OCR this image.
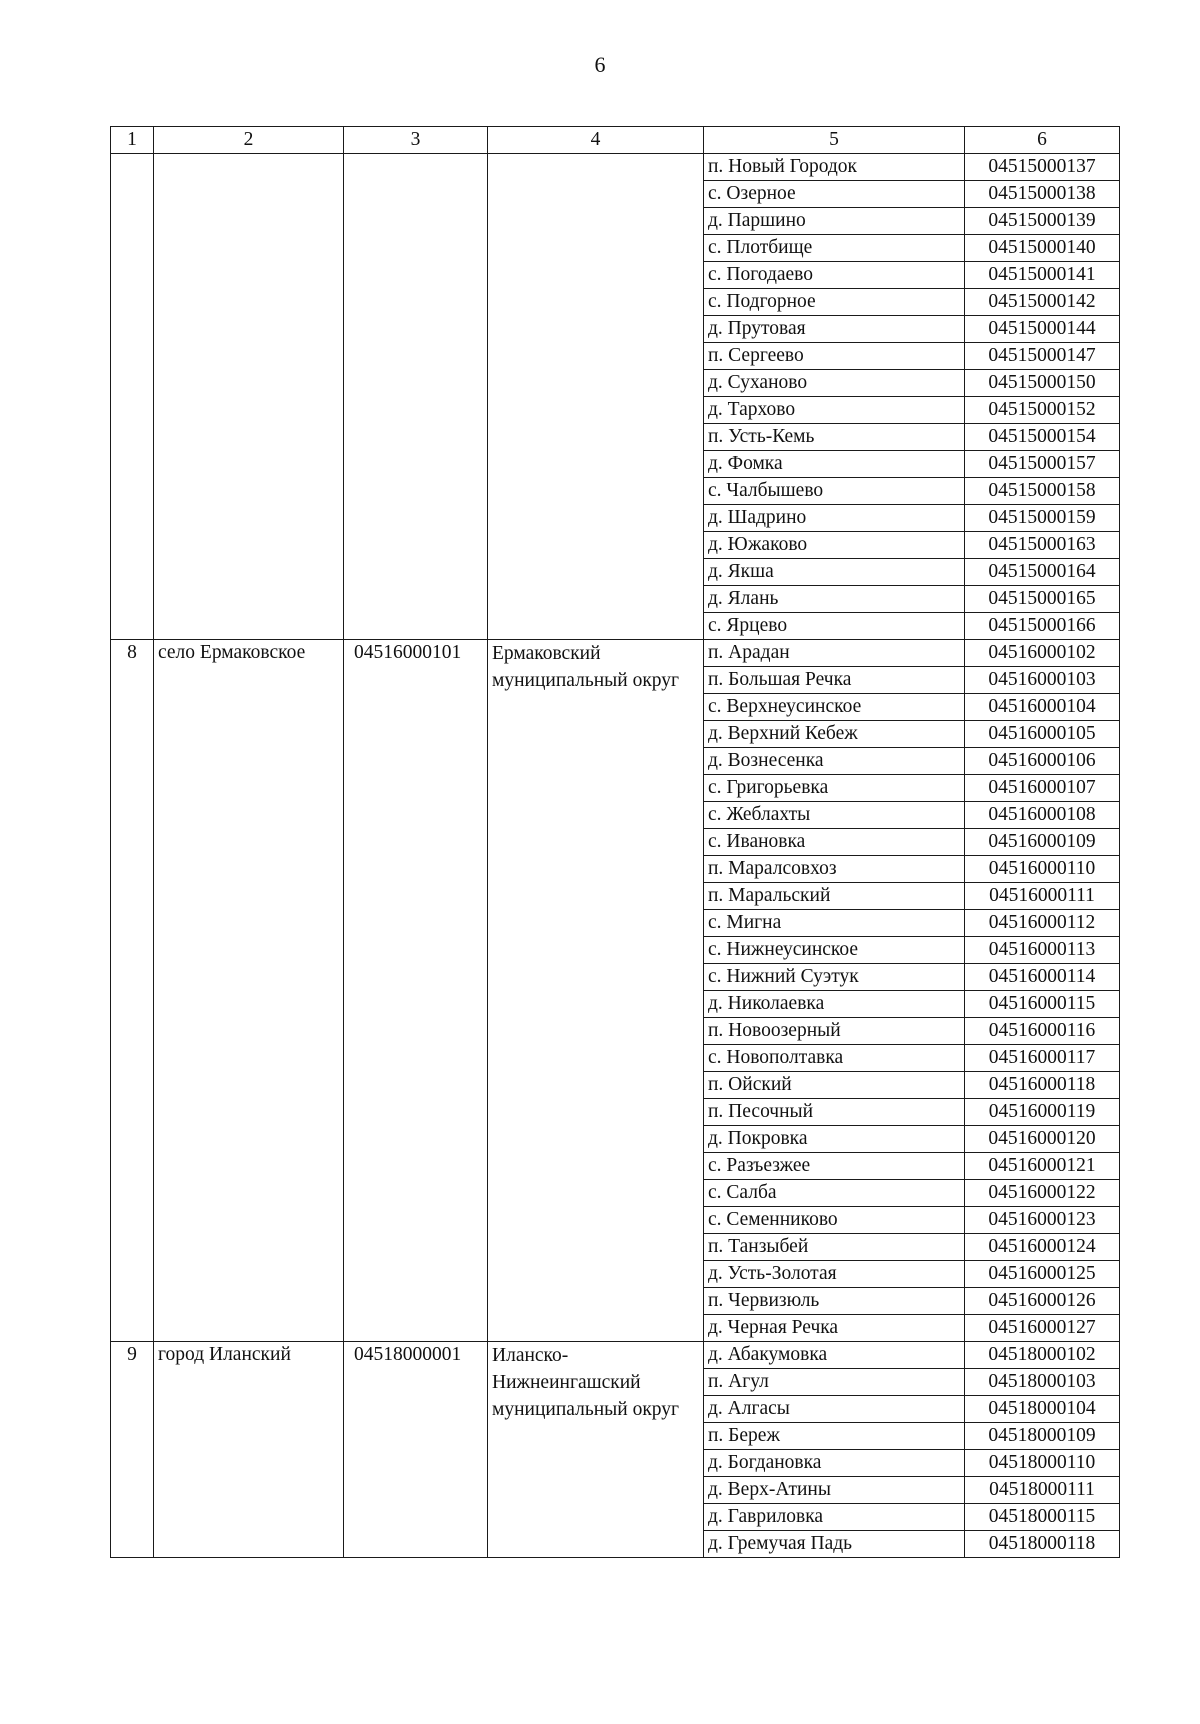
6
1	2	3	4	5	6
				п. Новый Городок	04515000137
				с. Озерное	04515000138
				д. Паршино	04515000139
				с. Плотбище	04515000140
				с. Погодаево	04515000141
				с. Подгорное	04515000142
				д. Прутовая	04515000144
				п. Сергеево	04515000147
				д. Суханово	04515000150
				д. Тархово	04515000152
				п. Усть-Кемь	04515000154
				д. Фомка	04515000157
				с. Чалбышево	04515000158
				д. Шадрино	04515000159
				д. Южаково	04515000163
				д. Якша	04515000164
				д. Ялань	04515000165
				с. Ярцево	04515000166
8	село Ермаковское	04516000101	Ермаковский муниципальный округ	п. Арадан	04516000102
				п. Большая Речка	04516000103
				с. Верхнеусинское	04516000104
				д. Верхний Кебеж	04516000105
				д. Вознесенка	04516000106
				с. Григорьевка	04516000107
				с. Жеблахты	04516000108
				с. Ивановка	04516000109
				п. Маралсовхоз	04516000110
				п. Маральский	04516000111
				с. Мигна	04516000112
				с. Нижнеусинское	04516000113
				с. Нижний Суэтук	04516000114
				д. Николаевка	04516000115
				п. Новоозерный	04516000116
				с. Новополтавка	04516000117
				п. Ойский	04516000118
				п. Песочный	04516000119
				д. Покровка	04516000120
				с. Разъезжее	04516000121
				с. Салба	04516000122
				с. Семенниково	04516000123
				п. Танзыбей	04516000124
				д. Усть-Золотая	04516000125
				п. Червизюль	04516000126
				д. Черная Речка	04516000127
9	город Иланский	04518000001	Иланско-Нижнеингашский муниципальный округ	д. Абакумовка	04518000102
				п. Агул	04518000103
				д. Алгасы	04518000104
				п. Береж	04518000109
				д. Богдановка	04518000110
				д. Верх-Атины	04518000111
				д. Гавриловка	04518000115
				д. Гремучая Падь	04518000118
